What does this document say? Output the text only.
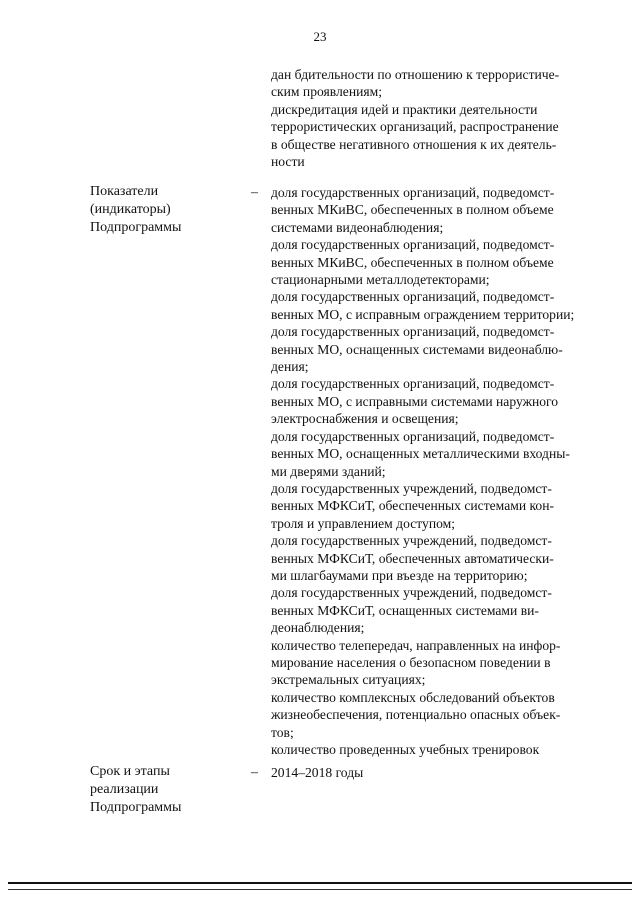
23
дан бдительности по отношению к террористиче-
ским проявлениям;
дискредитация идей и практики деятельности
террористических организаций, распространение
в обществе негативного отношения к их деятель-
ности
Показатели
(индикаторы)
Подпрограммы
– доля государственных организаций, подведомст-
венных МКиВС, обеспеченных в полном объеме
системами видеонаблюдения;
доля государственных организаций, подведомст-
венных МКиВС, обеспеченных в полном объеме
стационарными металлодетекторами;
доля государственных организаций, подведомст-
венных МО, с исправным ограждением территории;
доля государственных организаций, подведомст-
венных МО, оснащенных системами видеонаблю-
дения;
доля государственных организаций, подведомст-
венных МО, с исправными системами наружного
электроснабжения и освещения;
доля государственных организаций, подведомст-
венных МО, оснащенных металлическими входны-
ми дверями зданий;
доля государственных учреждений, подведомст-
венных МФКСиТ, обеспеченных системами кон-
троля и управлением доступом;
доля государственных учреждений, подведомст-
венных МФКСиТ, обеспеченных автоматически-
ми шлагбаумами при въезде на территорию;
доля государственных учреждений, подведомст-
венных МФКСиТ, оснащенных системами ви-
деонаблюдения;
количество телепередач, направленных на инфор-
мирование населения о безопасном поведении в
экстремальных ситуациях;
количество комплексных обследований объектов
жизнеобеспечения, потенциально опасных объек-
тов;
количество проведенных учебных тренировок
Срок и этапы
реализации
Подпрограммы
– 2014–2018 годы
